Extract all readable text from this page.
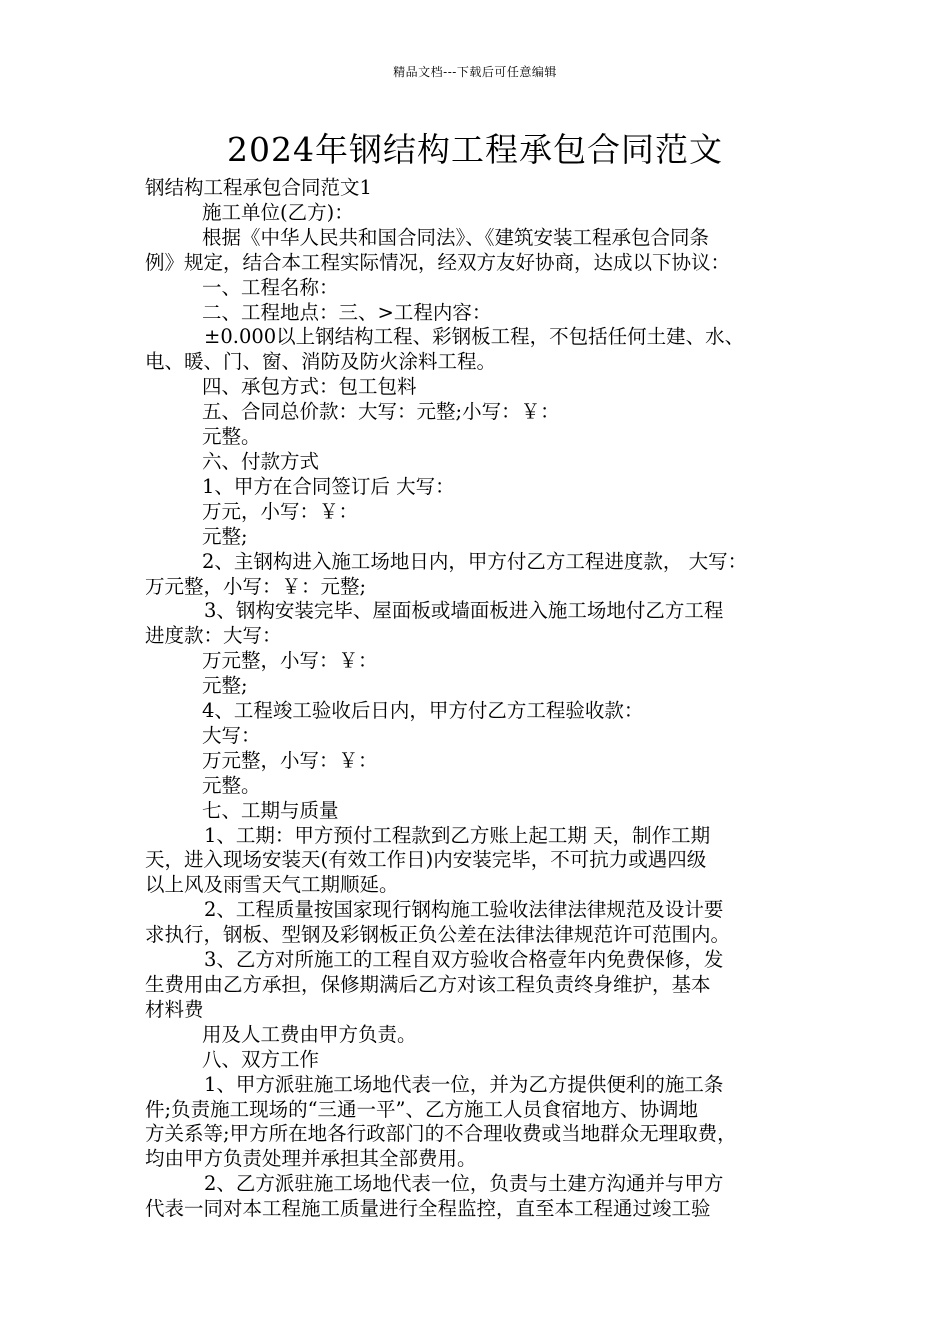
精品文档---下载后可任意编辑
2024年钢结构工程承包合同范文
钢结构工程承包合同范文1
施工单位(乙方)：
根据《中华人民共和国合同法》、《建筑安装工程承包合同条
例》规定，结合本工程实际情况，经双方友好协商，达成以下协议：
一、工程名称：
二、工程地点：三、>工程内容：
±0.000以上钢结构工程、彩钢板工程，不包括任何土建、水、
电、暖、门、窗、消防及防火涂料工程。
四、承包方式：包工包料
五、合同总价款：大写：元整;小写：￥：
元整。
六、付款方式
1、甲方在合同签订后 大写：
万元，小写：￥：
元整;
2、主钢构进入施工场地日内，甲方付乙方工程进度款， 大写：
万元整，小写：￥：元整;
3、钢构安装完毕、屋面板或墙面板进入施工场地付乙方工程
进度款：大写：
万元整，小写：￥：
元整;
4、工程竣工验收后日内，甲方付乙方工程验收款：
大写：
万元整，小写：￥：
元整。
七、工期与质量
1、工期：甲方预付工程款到乙方账上起工期 天，制作工期
天，进入现场安装天(有效工作日)内安装完毕，不可抗力或遇四级
以上风及雨雪天气工期顺延。
2、工程质量按国家现行钢构施工验收法律法律规范及设计要
求执行，钢板、型钢及彩钢板正负公差在法律法律规范许可范围内。
3、乙方对所施工的工程自双方验收合格壹年内免费保修，发
生费用由乙方承担，保修期满后乙方对该工程负责终身维护，基本
材料费
用及人工费由甲方负责。
八、双方工作
1、甲方派驻施工场地代表一位，并为乙方提供便利的施工条
件;负责施工现场的“三通一平”、乙方施工人员食宿地方、协调地
方关系等;甲方所在地各行政部门的不合理收费或当地群众无理取费，
均由甲方负责处理并承担其全部费用。
2、乙方派驻施工场地代表一位，负责与土建方沟通并与甲方
代表一同对本工程施工质量进行全程监控，直至本工程通过竣工验
